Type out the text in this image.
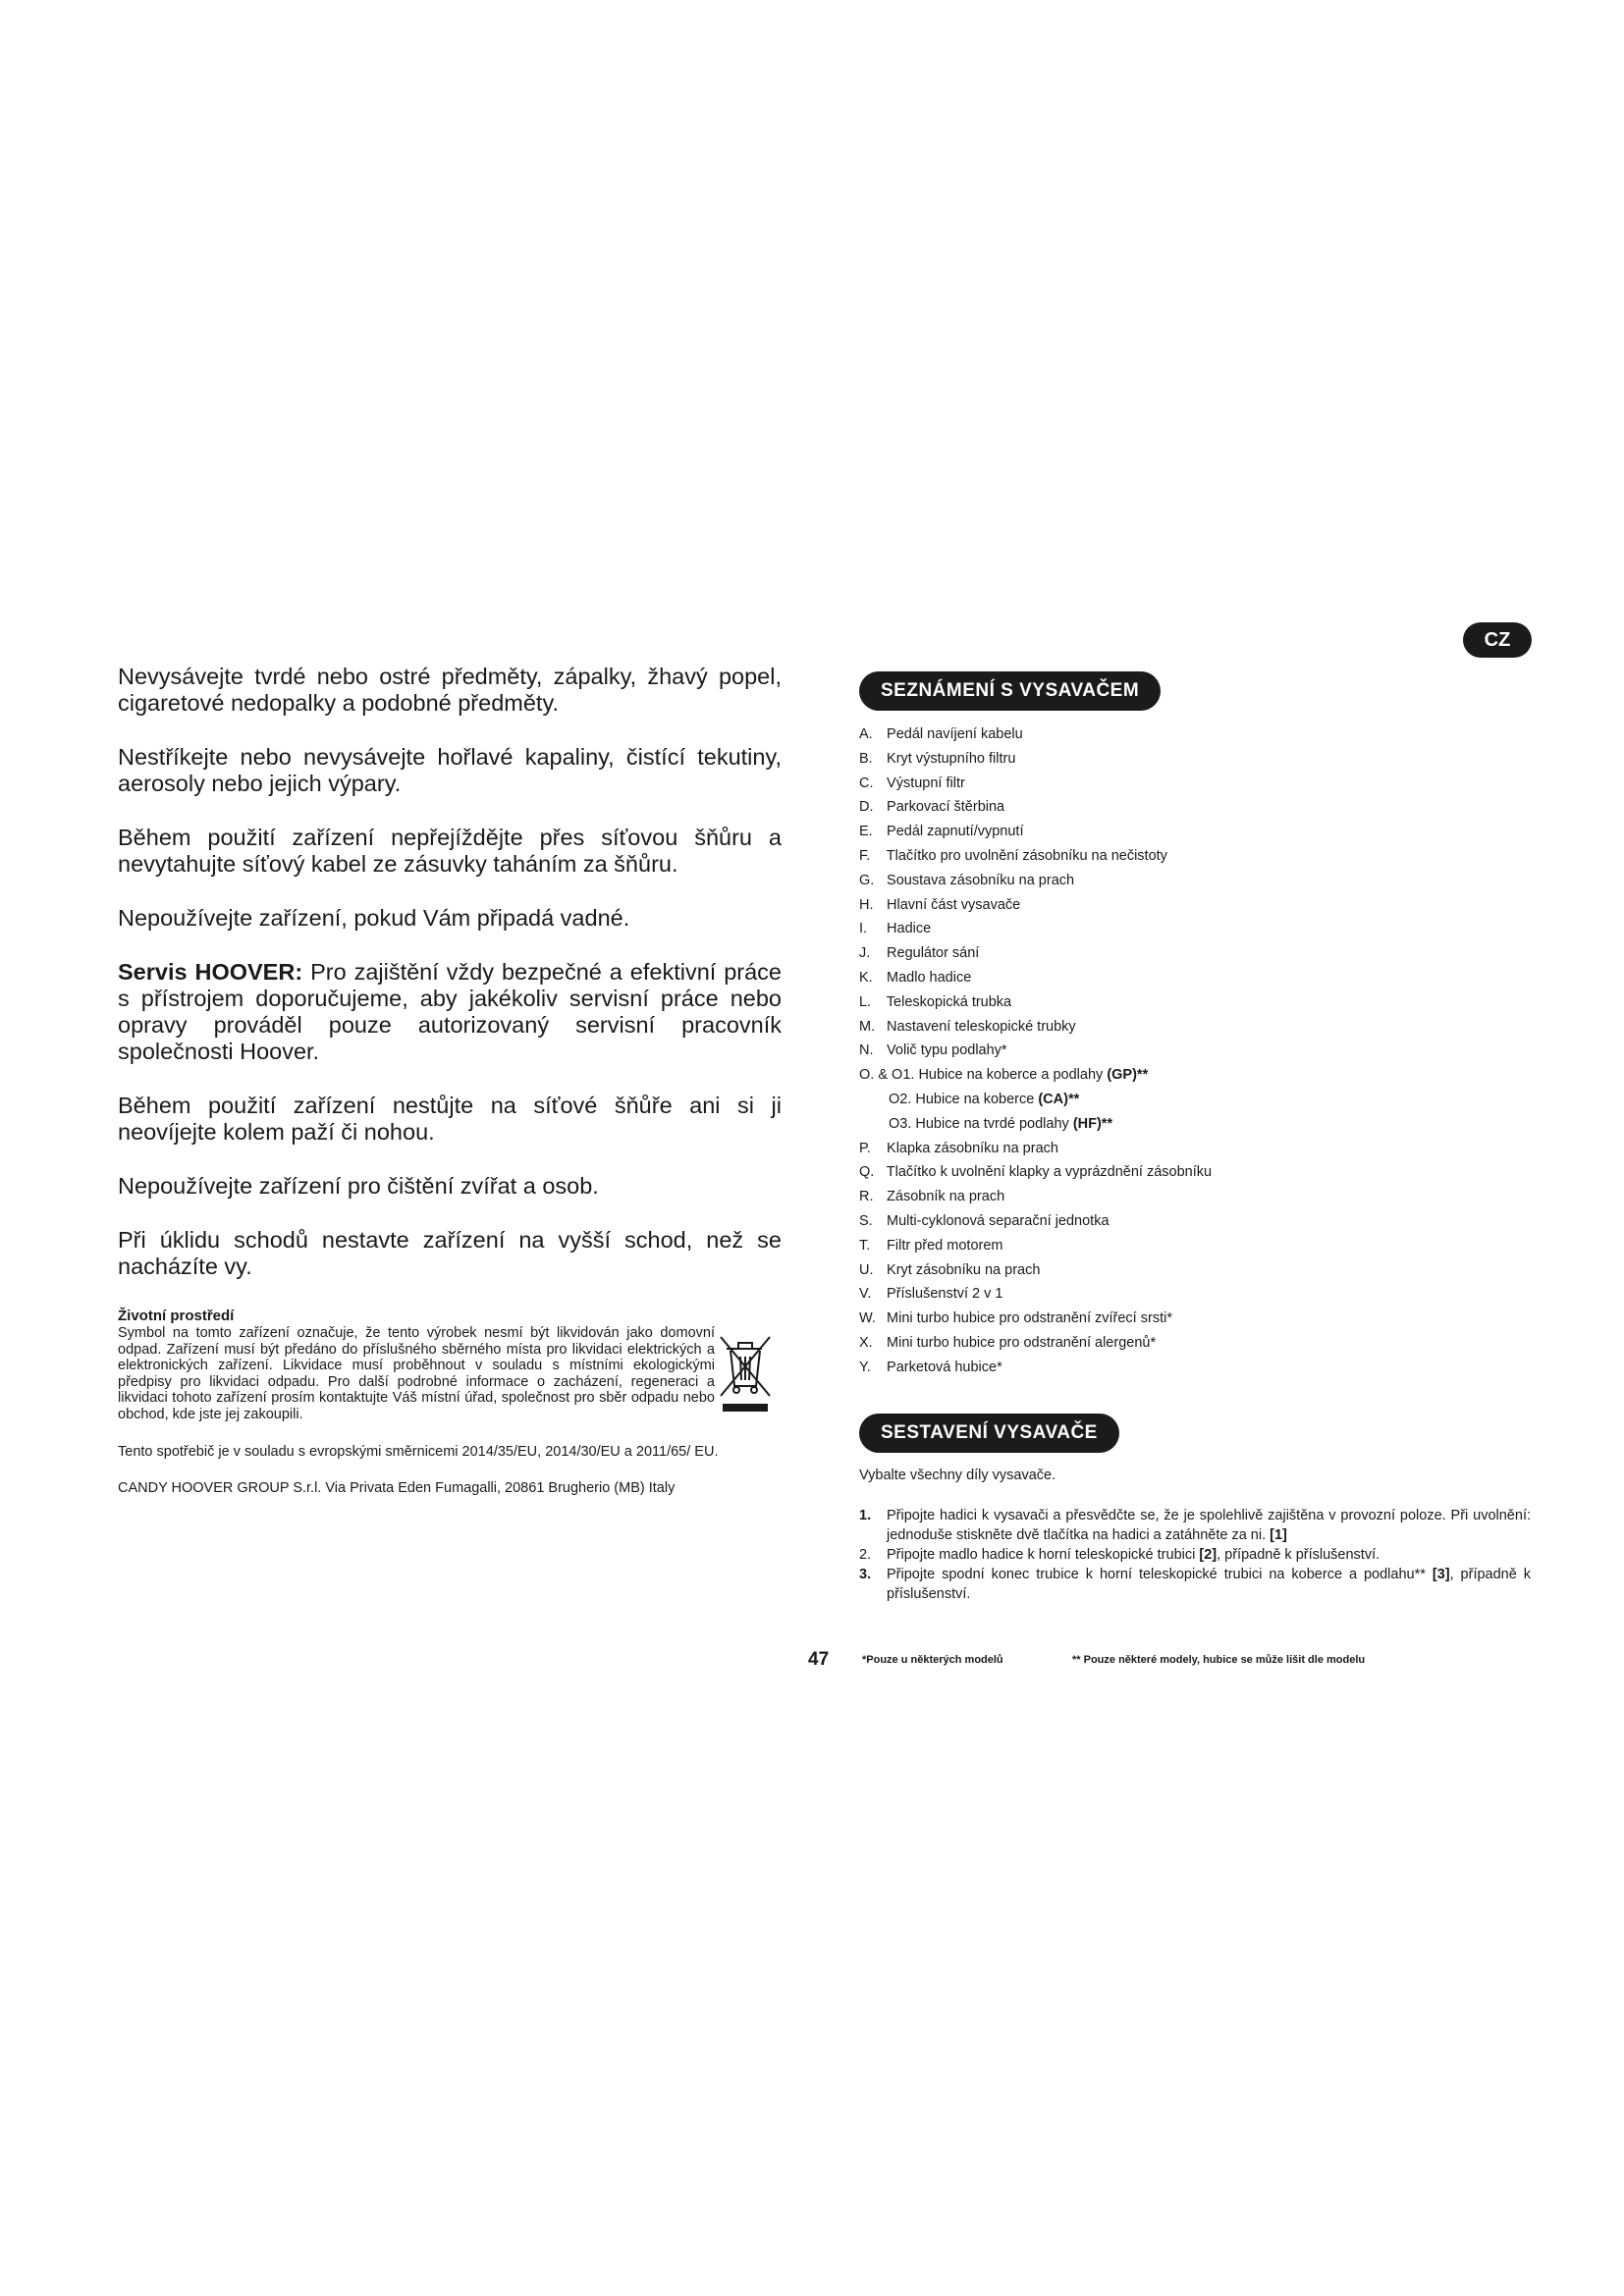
CZ

Nevysávejte tvrdé nebo ostré předměty, zápalky, žhavý popel, cigaretové nedopalky a podobné předměty.

Nestříkejte nebo nevysávejte hořlavé kapaliny, čistící tekutiny, aerosoly nebo jejich výpary.

Během použití zařízení nepřejíždějte přes síťovou šňůru a nevytahujte síťový kabel ze zásuvky taháním za šňůru.

Nepoužívejte zařízení, pokud Vám připadá vadné.

Servis HOOVER: Pro zajištění vždy bezpečné a efektivní práce s přístrojem doporučujeme, aby jakékoliv servisní práce nebo opravy prováděl pouze autorizovaný servisní pracovník společnosti Hoover.

Během použití zařízení nestůjte na síťové šňůře ani si ji neovíjejte kolem paží či nohou.

Nepoužívejte zařízení pro čištění zvířat a osob.

Při úklidu schodů nestavte zařízení na vyšší schod, než se nacházíte vy.

Životní prostředí

Symbol na tomto zařízení označuje, že tento výrobek nesmí být likvidován jako domovní odpad. Zařízení musí být předáno do příslušného sběrného místa pro likvidaci elektrických a elektronických zařízení. Likvidace musí proběhnout v souladu s místními ekologickými předpisy pro likvidaci odpadu. Pro další podrobné informace o zacházení, regeneraci a likvidaci tohoto zařízení prosím kontaktujte Váš místní úřad, společnost pro sběr odpadu nebo obchod, kde jste jej zakoupili.

Tento spotřebič je v souladu s evropskými směrnicemi 2014/35/EU, 2014/30/EU a 2011/65/ EU.

CANDY HOOVER GROUP S.r.l. Via Privata Eden Fumagalli, 20861 Brugherio (MB) Italy

SEZNÁMENÍ S VYSAVAČEM
A. Pedál navíjení kabelu
B. Kryt výstupního filtru
C. Výstupní filtr
D. Parkovací štěrbina
E. Pedál zapnutí/vypnutí
F. Tlačítko pro uvolnění zásobníku na nečistoty
G. Soustava zásobníku na prach
H. Hlavní část vysavače
I. Hadice
J. Regulátor sání
K. Madlo hadice
L. Teleskopická trubka
M. Nastavení teleskopické trubky
N. Volič typu podlahy*
O. & O1. Hubice na koberce a podlahy (GP)**
O2. Hubice na koberce (CA)**
O3. Hubice na tvrdé podlahy (HF)**
P. Klapka zásobníku na prach
Q. Tlačítko k uvolnění klapky a vyprázdnění zásobníku
R. Zásobník na prach
S. Multi-cyklonová separační jednotka
T. Filtr před motorem
U. Kryt zásobníku na prach
V. Příslušenství 2 v 1
W. Mini turbo hubice pro odstranění zvířecí srsti*
X. Mini turbo hubice pro odstranění alergenů*
Y. Parketová hubice*
SESTAVENÍ VYSAVAČE

Vybalte všechny díly vysavače.

1. Připojte hadici k vysavači a přesvědčte se, že je spolehlivě zajištěna v provozní poloze. Při uvolnění: jednoduše stiskněte dvě tlačítka na hadici a zatáhněte za ni. [1]
2. Připojte madlo hadice k horní teleskopické trubici [2], případně k příslušenství.
3. Připojte spodní konec trubice k horní teleskopické trubici na koberce a podlahu** [3], případně k příslušenství.
47	*Pouze u některých modelů	** Pouze některé modely, hubice se může lišit dle modelu
